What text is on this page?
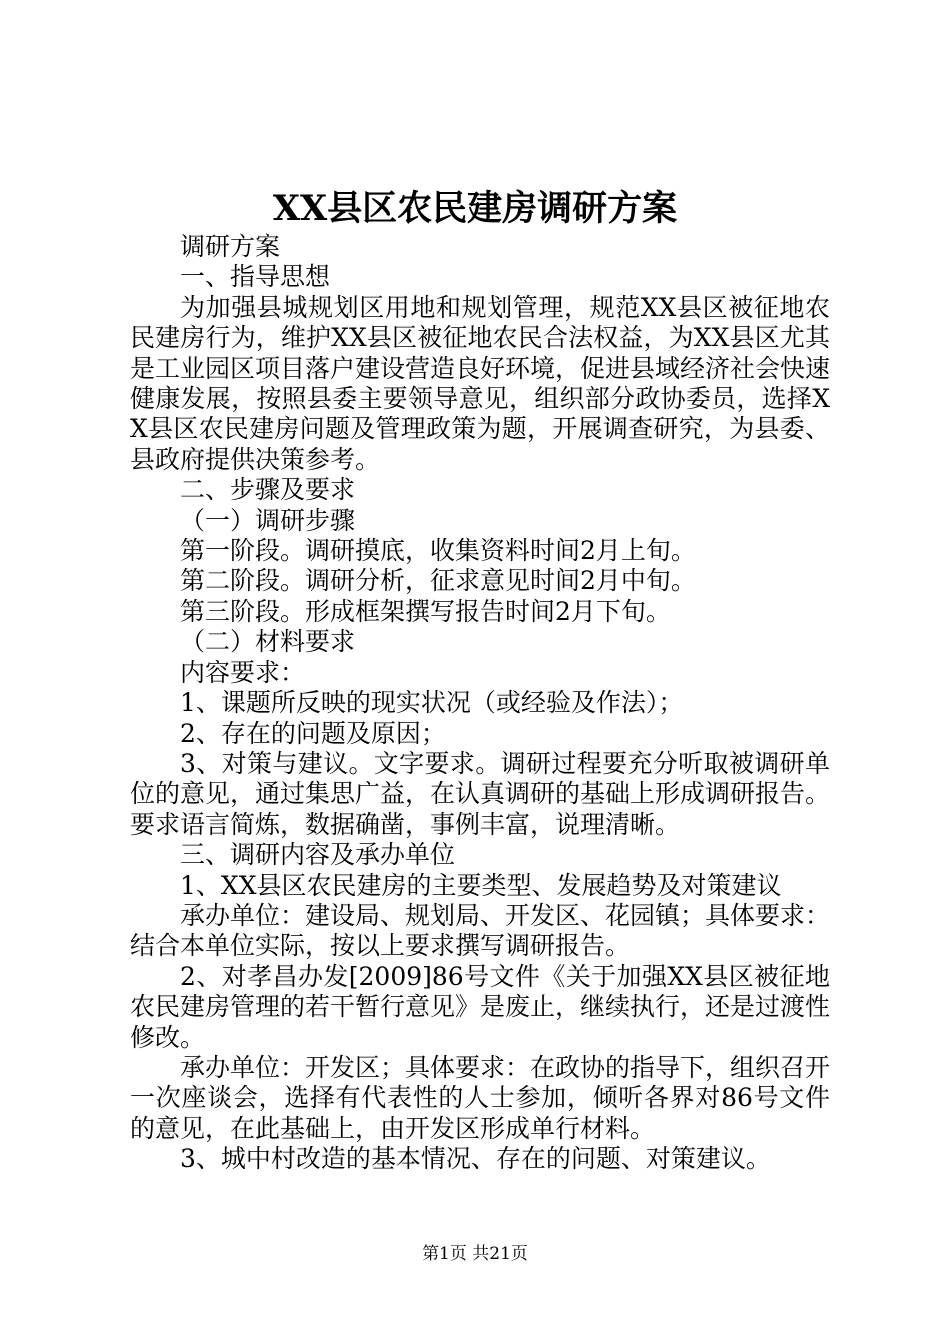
XX县区农民建房调研方案

调研方案

一、指导思想

为加强县城规划区用地和规划管理，规范XX县区被征地农民建房行为，维护XX县区被征地农民合法权益，为XX县区尤其是工业园区项目落户建设营造良好环境，促进县域经济社会快速健康发展，按照县委主要领导意见，组织部分政协委员，选择XX县区农民建房问题及管理政策为题，开展调查研究，为县委、县政府提供决策参考。

二、步骤及要求

（一）调研步骤

第一阶段。调研摸底，收集资料时间2月上旬。

第二阶段。调研分析，征求意见时间2月中旬。

第三阶段。形成框架撰写报告时间2月下旬。

（二）材料要求

内容要求：

1、课题所反映的现实状况（或经验及作法）；

2、存在的问题及原因；

3、对策与建议。文字要求。调研过程要充分听取被调研单位的意见，通过集思广益，在认真调研的基础上形成调研报告。要求语言简炼，数据确凿，事例丰富，说理清晰。

三、调研内容及承办单位

1、XX县区农民建房的主要类型、发展趋势及对策建议

承办单位：建设局、规划局、开发区、花园镇；具体要求：结合本单位实际，按以上要求撰写调研报告。

2、对孝昌办发[2009]86号文件《关于加强XX县区被征地农民建房管理的若干暂行意见》是废止，继续执行，还是过渡性修改。

承办单位：开发区；具体要求：在政协的指导下，组织召开一次座谈会，选择有代表性的人士参加，倾听各界对86号文件的意见，在此基础上，由开发区形成单行材料。

3、城中村改造的基本情况、存在的问题、对策建议。

第1页 共21页
